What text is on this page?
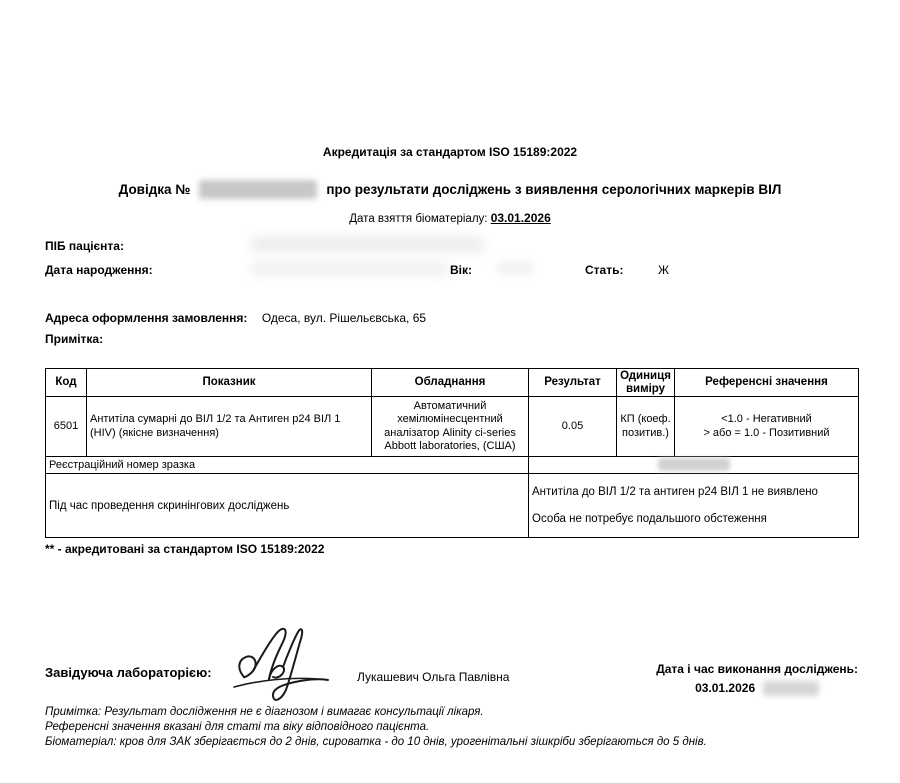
Акредитація за стандартом ISO 15189:2022
Довідка №	про результати досліджень з виявлення серологічних маркерів ВІЛ
Дата взяття біоматеріалу: 03.01.2026
ПІБ пацієнта:
Дата народження:	Вік:	Стать:	Ж
Адреса оформлення замовлення: Одеса, вул. Рішельєвська, 65
Примітка:
Код	Показник	Обладнання	Результат	Одиниця виміру	Референсні значення
6501	Антитіла сумарні до ВІЛ 1/2 та Антиген p24 ВІЛ 1 (HIV) (якісне визначення)	Автоматичний хемілюмінесцентний аналізатор Alinity ci-series Abbott laboratories, (США)	0.05	КП (коеф.позитив.)	<1.0 - Негативний
> або = 1.0 - Позитивний

Реєстраційний номер зразка					
Під час проведення скринінгових досліджень			Антитіла до ВІЛ 1/2 та антиген p24 ВІЛ 1 не виявлено
Особа не потребує подальшого обстеження		
** - акредитовані за стандартом ISO 15189:2022
Завідуюча лабораторією:	Лукашевич Ольга Павлівна
Дата і час виконання досліджень:
03.01.2026
Примітка: Результат дослідження не є діагнозом і вимагає консультації лікаря.
Референсні значення вказані для статі та віку відповідного пацієнта.
Біоматеріал: кров для ЗАК зберігається до 2 днів, сироватка - до 10 днів, урогенітальні зішкріби зберігаються до 5 днів.
